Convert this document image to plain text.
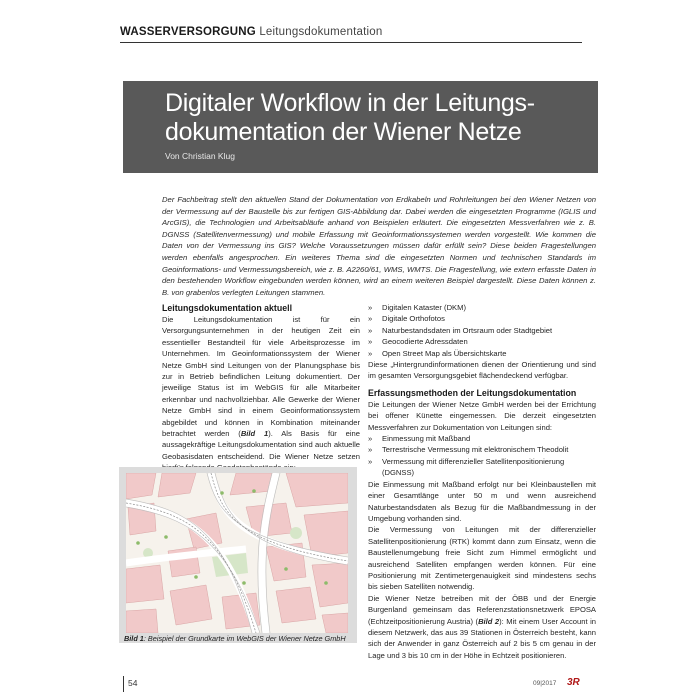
WASSERVERSORGUNG Leitungsdokumentation
Digitaler Workflow in der Leitungs-
dokumentation der Wiener Netze
Von Christian Klug
Der Fachbeitrag stellt den aktuellen Stand der Dokumentation von Erdkabeln und Rohrleitungen bei den Wiener Netzen von der Vermessung auf der Baustelle bis zur fertigen GIS-Abbildung dar. Dabei werden die eingesetzten Programme (IGLIS und ArcGIS), die Technologien und Arbeitsabläufe anhand von Beispielen erläutert. Die eingesetzten Messverfahren wie z. B. DGNSS (Satellitenvermessung) und mobile Erfassung mit Geoinformationssystemen werden vorgestellt. Wie kommen die Daten von der Vermessung ins GIS? Welche Voraussetzungen müssen dafür erfüllt sein? Diese beiden Fragestellungen werden ebenfalls angesprochen. Ein weiteres Thema sind die eingesetzten Normen und technischen Standards im Geoinformations- und Vermessungsbereich, wie z. B. A2260/61, WMS, WMTS. Die Fragestellung, wie extern erfasste Daten in den bestehenden Workflow eingebunden werden können, wird an einem weiteren Beispiel dargestellt. Diese Daten können z. B. von grabenlos verlegten Leitungen stammen.
Leitungsdokumentation aktuell
Die Leitungsdokumentation ist für ein Versorgungsunternehmen in der heutigen Zeit ein essentieller Bestandteil für viele Arbeitsprozesse im Unternehmen. Im Geoinformationssystem der Wiener Netze GmbH sind Leitungen von der Planungsphase bis zur in Betrieb befindlichen Leitung dokumentiert. Der jeweilige Status ist im WebGIS für alle Mitarbeiter erkennbar und nachvollziehbar. Alle Gewerke der Wiener Netze GmbH sind in einem Geoinformationssystem abgebildet und können in Kombination miteinander betrachtet werden (Bild 1). Als Basis für eine aussagekräftige Leitungsdokumentation sind auch aktuelle Geobasisdaten entscheidend. Die Wiener Netze setzen
Bild 1: Beispiel der Grundkarte im WebGIS der Wiener Netze GmbH
» Digitalen Kataster (DKM)
» Digitale Orthofotos
» Naturbestandsdaten im Ortsraum oder Stadtgebiet
» Geocodierte Adressdaten
» Open Street Map als Übersichtskarte
Diese „Hintergrundinformationen dienen der Orientierung und sind im gesamten Versorgungsgebiet flächendeckend verfügbar.
Erfassungsmethoden der Leitungsdokumentation
Die Leitungen der Wiener Netze GmbH werden bei der Errichtung bei offener Künette eingemessen. Die derzeit eingesetzten Messverfahren zur Dokumentation von Leitungen sind:
» Einmessung mit Maßband
» Terrestrische Vermessung mit elektronischem Theodolit
» Vermessung mit differenzieller Satellitenpositionierung (DGNSS)
Die Einmessung mit Maßband erfolgt nur bei Kleinbaustellen mit einer Gesamtlänge unter 50 m und wenn ausreichend Naturbestandsdaten als Bezug für die Maßbandmessung in der Umgebung vorhanden sind.
Die Vermessung von Leitungen mit der differenzieller Satellitenpositionierung (RTK) kommt dann zum Einsatz, wenn die Baustellenumgebung freie Sicht zum Himmel ermöglicht und ausreichend Satelliten empfangen werden können. Für eine Positionierung mit Zentimetergenauigkeit sind mindestens sechs bis sieben Satelliten notwendig.
Die Wiener Netze betreiben mit der ÖBB und der Energie Burgenland gemeinsam das Referenzstationsnetzwerk EPOSA (Echtzeitpositionierung Austria) (Bild 2): Mit einem User Account in diesem Netzwerk, das aus 39 Stationen in Österreich besteht, kann sich der Anwender in ganz Österreich auf 2 bis 5 cm genau in der Lage und 3 bis 10 cm in der Höhe in Echtzeit positionieren.
54	09|2017 3R
